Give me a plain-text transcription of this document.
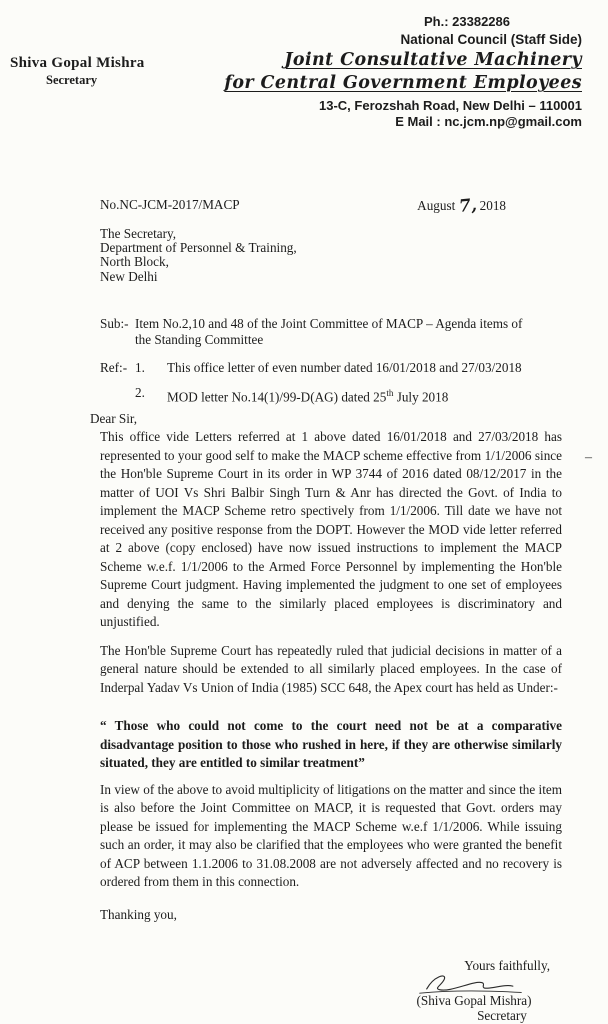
Ph.: 23382286
National Council (Staff Side)
Joint Consultative Machinery
for Central Government Employees
13-C, Ferozshah Road, New Delhi – 110001
E Mail : nc.jcm.np@gmail.com
Shiva Gopal Mishra
Secretary
No.NC-JCM-2017/MACP	August 7, 2018
The Secretary,
Department of Personnel & Training,
North Block,
New Delhi
Sub:- Item No.2,10 and 48 of the Joint Committee of MACP – Agenda items of the Standing Committee
Ref:- 1.	This office letter of even number dated 16/01/2018 and 27/03/2018
2.	MOD letter No.14(1)/99-D(AG) dated 25th July 2018
Dear Sir,

This office vide Letters referred at 1 above dated 16/01/2018 and 27/03/2018 has represented to your good self to make the MACP scheme effective from 1/1/2006 since the Hon'ble Supreme Court in its order in WP 3744 of 2016 dated 08/12/2017 in the matter of UOI Vs Shri Balbir Singh Turn & Anr has directed the Govt. of India to implement the MACP Scheme retro spectively from 1/1/2006. Till date we have not received any positive response from the DOPT. However the MOD vide letter referred at 2 above (copy enclosed) have now issued instructions to implement the MACP Scheme w.e.f. 1/1/2006 to the Armed Force Personnel by implementing the Hon'ble Supreme Court judgment. Having implemented the judgment to one set of employees and denying the same to the similarly placed employees is discriminatory and unjustified.

The Hon'ble Supreme Court has repeatedly ruled that judicial decisions in matter of a general nature should be extended to all similarly placed employees. In the case of Inderpal Yadav Vs Union of India (1985) SCC 648, the Apex court has held as Under:-

“ Those who could not come to the court need not be at a comparative disadvantage position to those who rushed in here, if they are otherwise similarly situated, they are entitled to similar treatment”

In view of the above to avoid multiplicity of litigations on the matter and since the item is also before the Joint Committee on MACP, it is requested that Govt. orders may please be issued for implementing the MACP Scheme w.e.f 1/1/2006. While issuing such an order, it may also be clarified that the employees who were granted the benefit of ACP between 1.1.2006 to 31.08.2008 are not adversely affected and no recovery is ordered from them in this connection.

Thanking you,
Yours faithfully,
(Shiva Gopal Mishra)
Secretary
–
